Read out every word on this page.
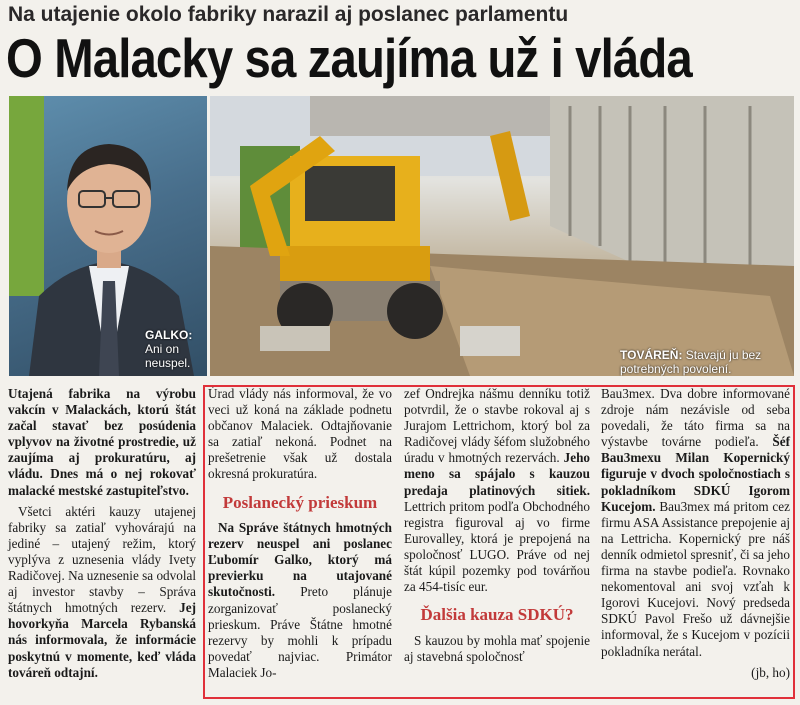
Na utajenie okolo fabriky narazil aj poslanec parlamentu
O Malacky sa zaujíma už i vláda
GALKO:
Ani on neuspel.
TOVÁREŇ: Stavajú ju bez potrebných povolení.

Utajená fabrika na výrobu vakcín v Malackách, ktorú štát začal stavať bez posúdenia vplyvov na životné prostredie, už zaujíma aj prokuratúru, aj vládu. Dnes má o nej rokovať malacké mestské zastupiteľstvo.

Všetci aktéri kauzy utajenej fabriky sa zatiaľ vyhovárajú na jediné – utajený režim, ktorý vyplýva z uznesenia vlády Ivety Radičovej. Na uznesenie sa odvolal aj investor stavby – Správa štátnych hmotných rezerv. Jej hovorkyňa Marcela Rybanská nás informovala, že informácie poskytnú v momente, keď vláda továreň odtajní.

Úrad vlády nás informoval, že vo veci už koná na základe podnetu občanov Malaciek. Odtajňovanie sa zatiaľ nekoná. Podnet na prešetrenie však už dostala okresná prokuratúra.

Poslanecký prieskum

Na Správe štátnych hmotných rezerv neuspel ani poslanec Ľubomír Galko, ktorý má previerku na utajované skutočnosti. Preto plánuje zorganizovať poslanecký prieskum. Práve Štátne hmotné rezervy by mohli k prípadu povedať najviac. Primátor Malaciek Jo-

zef Ondrejka nášmu denníku totiž potvrdil, že o stavbe rokoval aj s Jurajom Lettrichom, ktorý bol za Radičovej vlády šéfom služobného úradu v hmotných rezervách. Jeho meno sa spájalo s kauzou predaja platinových sitiek. Lettrich pritom podľa Obchodného registra figuroval aj vo firme Eurovalley, ktorá je prepojená na spoločnosť LUGO. Práve od nej štát kúpil pozemky pod továrňou za 454-tisíc eur.

Ďalšia kauza SDKÚ?

S kauzou by mohla mať spojenie aj stavebná spoločnosť

Bau3mex. Dva dobre informované zdroje nám nezávisle od seba povedali, že táto firma sa na výstavbe továrne podieľa. Šéf Bau3mexu Milan Kopernický figuruje v dvoch spoločnostiach s pokladníkom SDKÚ Igorom Kucejom. Bau3mex má pritom cez firmu ASA Assistance prepojenie aj na Lettricha. Kopernický pre náš denník odmietol spresniť, či sa jeho firma na stavbe podieľa. Rovnako nekomentoval ani svoj vzťah k Igorovi Kucejovi. Nový predseda SDKÚ Pavol Frešo už dávnejšie informoval, že s Kucejom v pozícii pokladníka nerátal.

(jb, ho)
